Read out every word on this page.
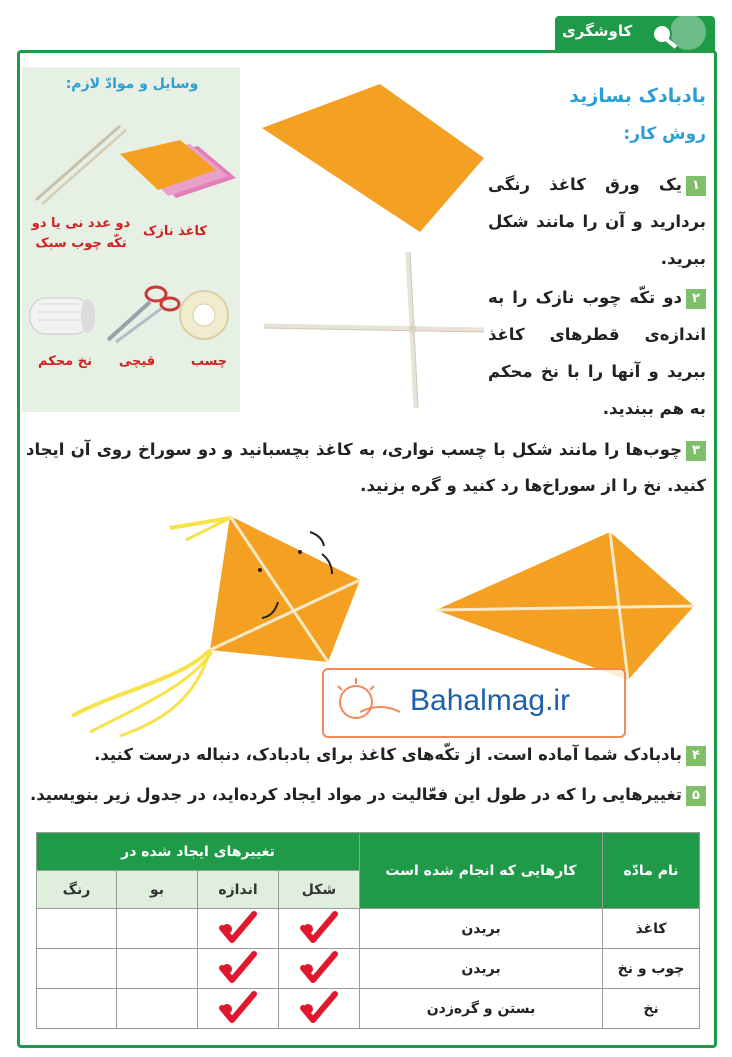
کاوشگری
وسایل و موادّ لازم:
کاغذ نازک
دو عدد نی یا دو
تکّه چوب سبک
نخ محکم	قیچی	چسب
بادبادک بسازید
روش کار:
۱یک ورق کاغذ رنگی بردارید و آن را مانند شکل ببرید.
۲دو تکّه چوب نازک را به اندازه‌ی قطرهای کاغذ ببرید و آنها را با نخ محکم به هم ببندید.
۳چوب‌ها را مانند شکل با چسب نواری، به کاغذ بچسبانید و دو سوراخ روی آن ایجاد کنید. نخ را از سوراخ‌ها رد کنید و گره بزنید.
Bahalmag.ir
۴بادبادک شما آماده است. از تکّه‌های کاغذ برای بادبادک، دنباله درست کنید.
۵تغییرهایی را که در طول این فعّالیت در مواد ایجاد کرده‌اید، در جدول زیر بنویسید.
نام مادّه	کارهایی که انجام شده است	تغییرهای ایجاد شده در			
		شکل	اندازه	بو	رنگ
کاغذ	بریدن				
چوب و نخ	بریدن				
نخ	بستن و گره‌زدن				
